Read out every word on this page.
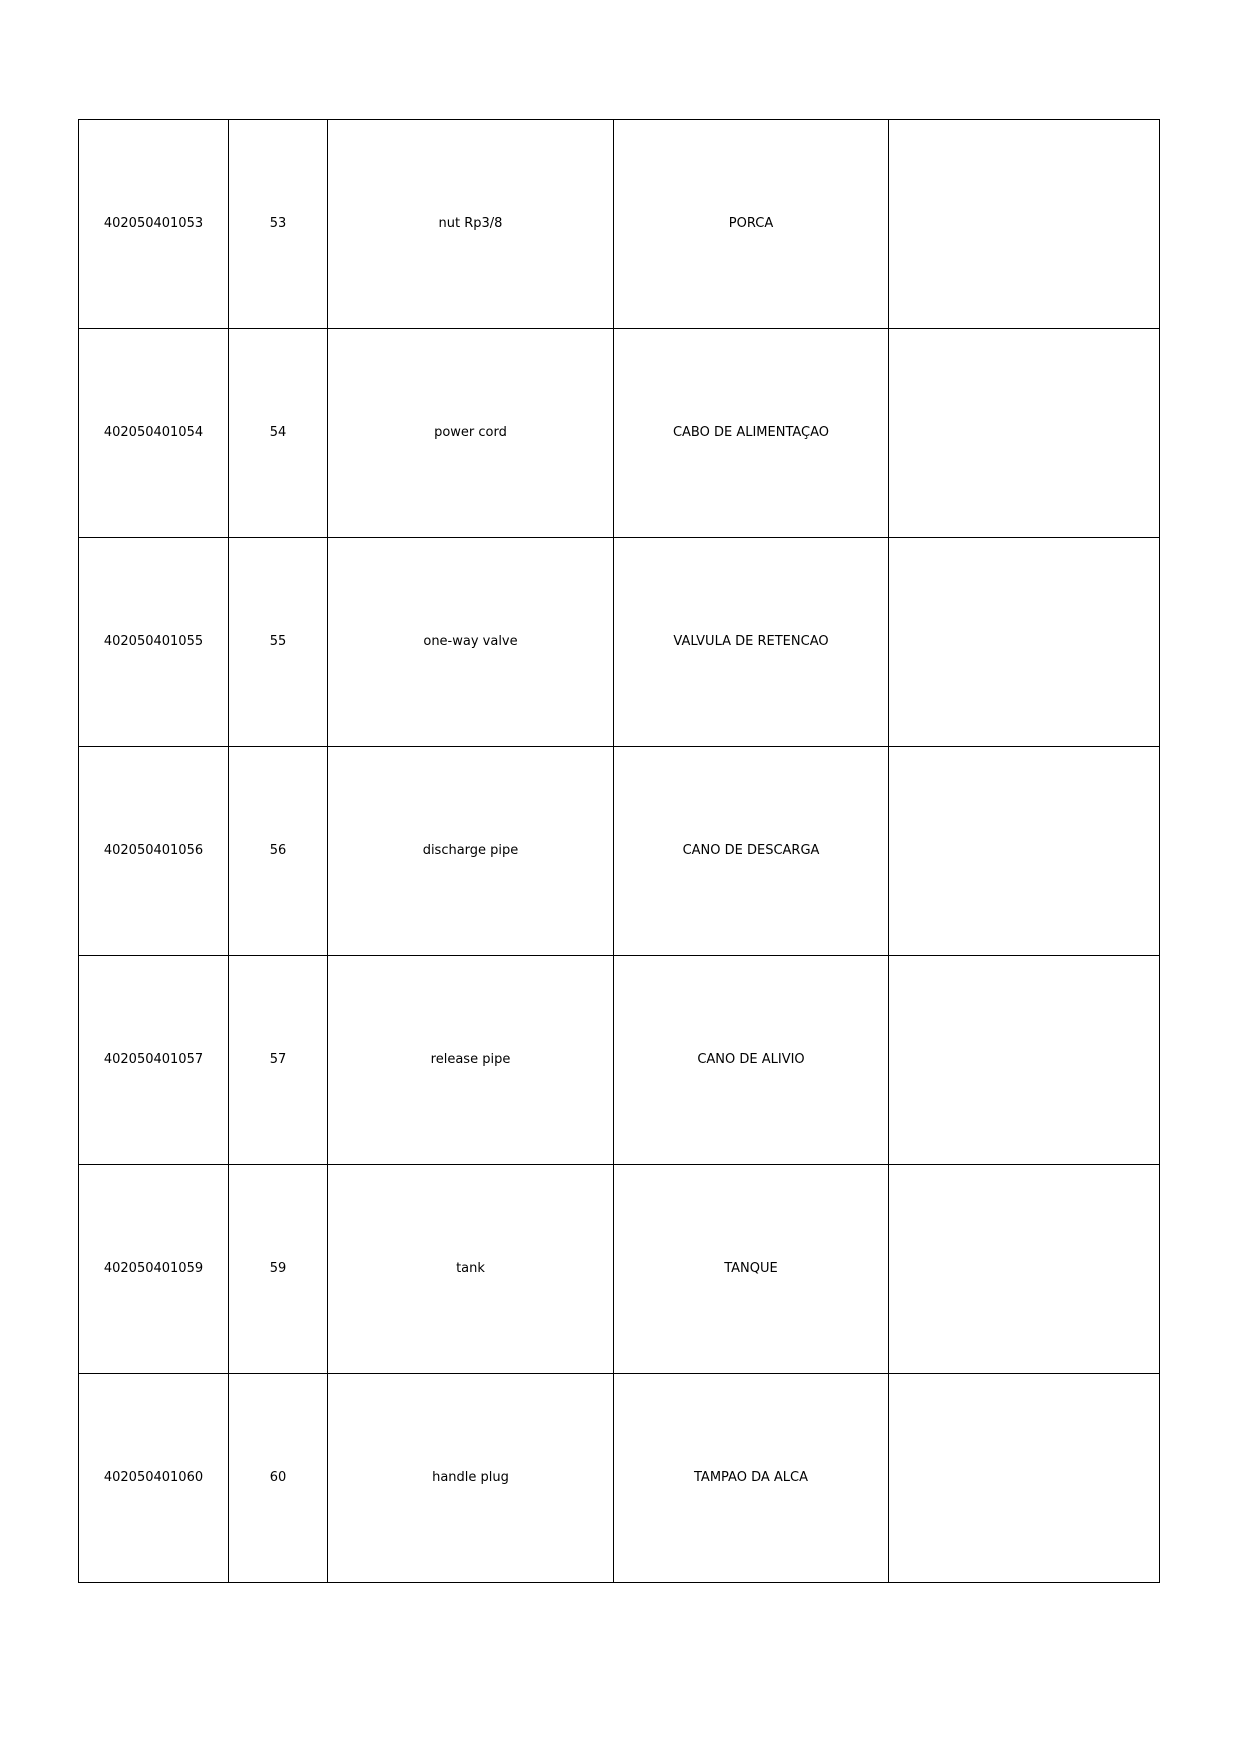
402050401053	53	nut Rp3/8	PORCA	
402050401054	54	power cord	CABO DE ALIMENTAÇAO	
402050401055	55	one-way valve	VALVULA DE RETENCAO	
402050401056	56	discharge pipe	CANO DE DESCARGA	
402050401057	57	release pipe	CANO DE ALIVIO	
402050401059	59	tank	TANQUE	
402050401060	60	handle plug	TAMPAO DA ALCA	
